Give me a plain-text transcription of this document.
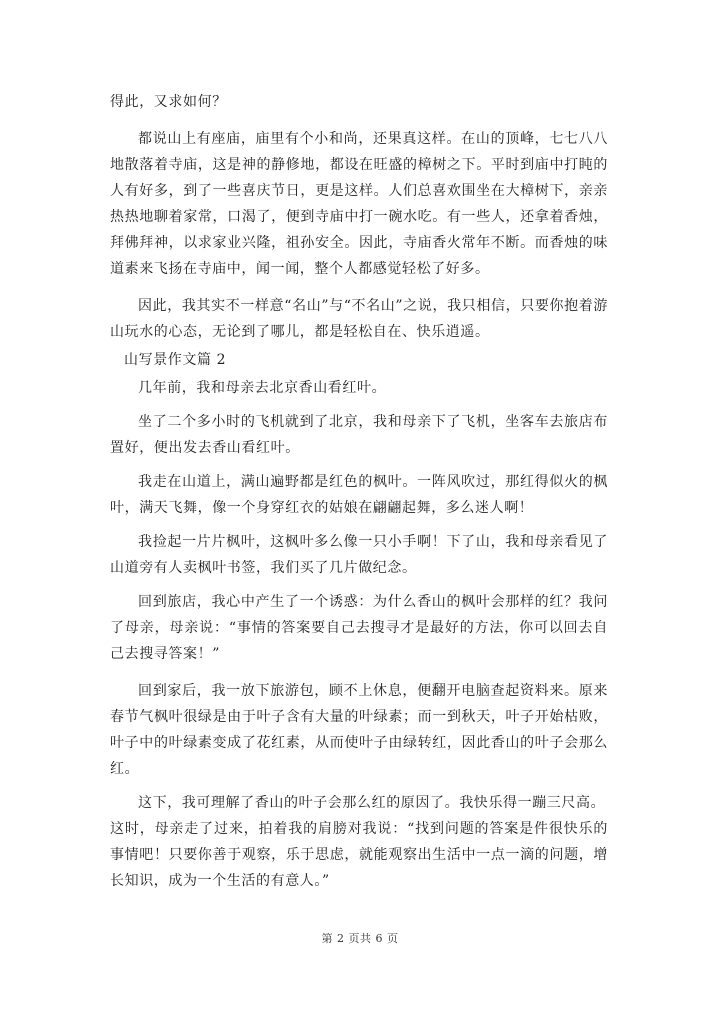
得此，又求如何？

都说山上有座庙，庙里有个小和尚，还果真这样。在山的顶峰，七七八八地散落着寺庙，这是神的静修地，都设在旺盛的樟树之下。平时到庙中打盹的人有好多，到了一些喜庆节日，更是这样。人们总喜欢围坐在大樟树下，亲亲热热地聊着家常，口渴了，便到寺庙中打一碗水吃。有一些人，还拿着香烛，拜佛拜神，以求家业兴隆，祖孙安全。因此，寺庙香火常年不断。而香烛的味道素来飞扬在寺庙中，闻一闻，整个人都感觉轻松了好多。

因此，我其实不一样意“名山”与“不名山”之说，我只相信，只要你抱着游山玩水的心态，无论到了哪儿，都是轻松自在、快乐逍遥。

山写景作文篇 2

几年前，我和母亲去北京香山看红叶。

坐了二个多小时的飞机就到了北京，我和母亲下了飞机，坐客车去旅店布置好，便出发去香山看红叶。

我走在山道上，满山遍野都是红色的枫叶。一阵风吹过，那红得似火的枫叶，满天飞舞，像一个身穿红衣的姑娘在翩翩起舞，多么迷人啊！

我捡起一片片枫叶，这枫叶多么像一只小手啊！下了山，我和母亲看见了山道旁有人卖枫叶书签，我们买了几片做纪念。

回到旅店，我心中产生了一个诱惑：为什么香山的枫叶会那样的红？我问了母亲，母亲说：“事情的答案要自己去搜寻才是最好的方法，你可以回去自己去搜寻答案！”

回到家后，我一放下旅游包，顾不上休息，便翻开电脑查起资料来。原来春节气枫叶很绿是由于叶子含有大量的叶绿素；而一到秋天，叶子开始枯败，叶子中的叶绿素变成了花红素，从而使叶子由绿转红，因此香山的叶子会那么红。

这下，我可理解了香山的叶子会那么红的原因了。我快乐得一蹦三尺高。

这时，母亲走了过来，拍着我的肩膀对我说：“找到问题的答案是件很快乐的事情吧！只要你善于观察，乐于思虑，就能观察出生活中一点一滴的问题，增长知识，成为一个生活的有意人。”

第 2 页共 6 页
